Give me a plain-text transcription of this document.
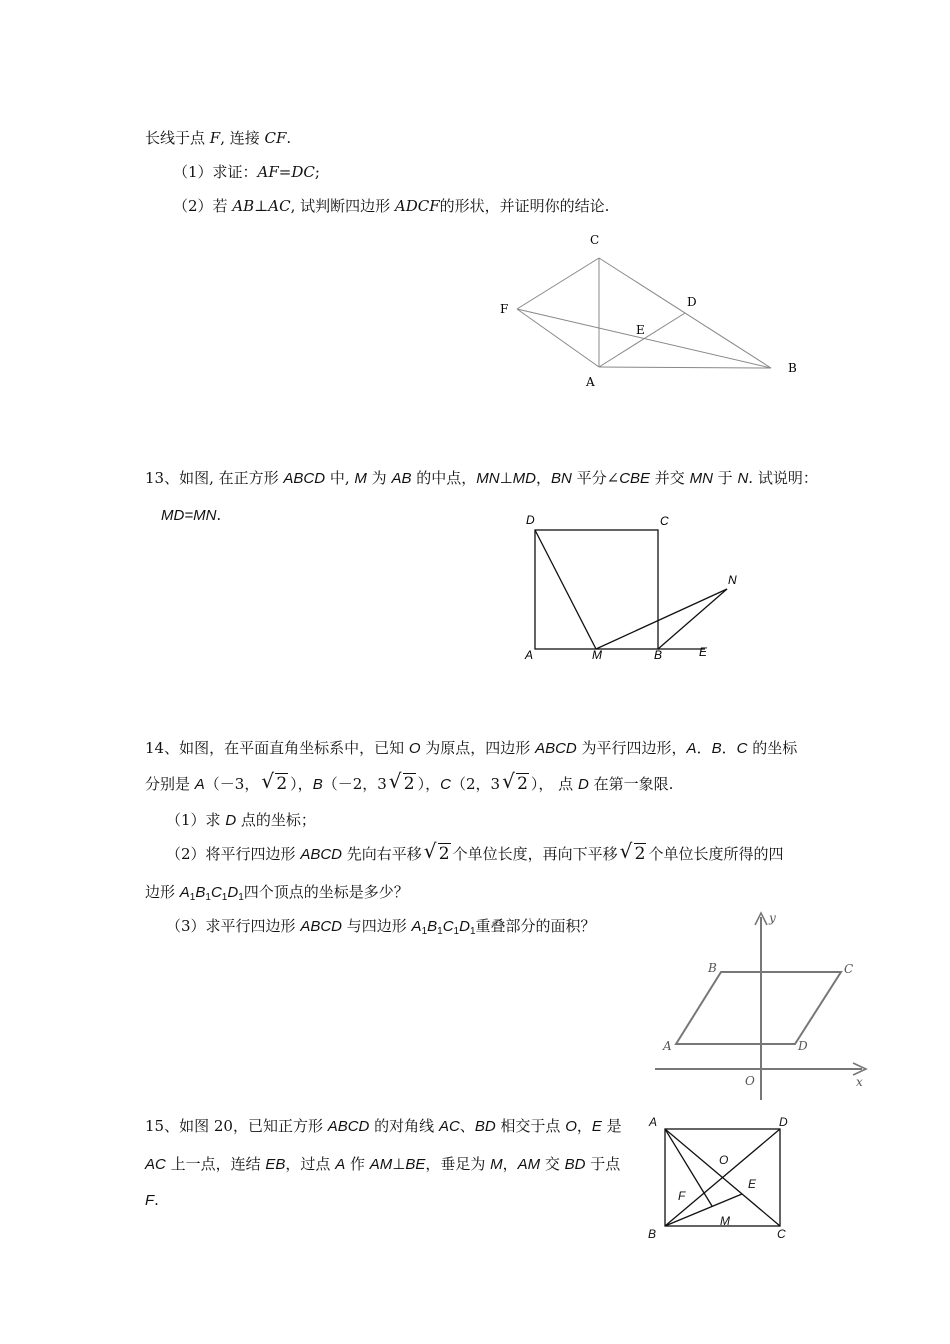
长线于点 F, 连接 CF.
（1）求证：AF=DC;
（2）若 AB⊥AC, 试判断四边形 ADCF的形状，并证明你的结论.
C
D
F
E
A
B
13、如图, 在正方形 ABCD 中, M 为 AB 的中点，MN⊥MD，BN 平分∠CBE 并交 MN 于 N. 试说明：
MD=MN.	D	C
N
A	M	B	E
14、如图，在平面直角坐标系中，已知 O 为原点，四边形 ABCD 为平行四边形，A．B．C 的坐标
分别是 A（－3， √ 2 ），B（－2，3 √ 2 ），C（2，3 √ 2 ）， 点 D 在第一象限.
（1）求 D 点的坐标；
（2）将平行四边形 ABCD 先向右平移 √ 2 个单位长度，再向下平移 √ 2 个单位长度所得的四
边形 $A_1B_1C_1D_1$四个顶点的坐标是多少？
（3）求平行四边形 ABCD 与四边形 $A_1B_1C_1D_1$重叠部分的面积？	y
x
B	C
A	D
O
15、如图 20，已知正方形 ABCD 的对角线 AC、BD 相交于点 O，E 是
AC 上一点，连结 EB，过点 A 作 AM⊥BE，垂足为 M，AM 交 BD 于点
F.
A	D
O
E
F
M
B	C
